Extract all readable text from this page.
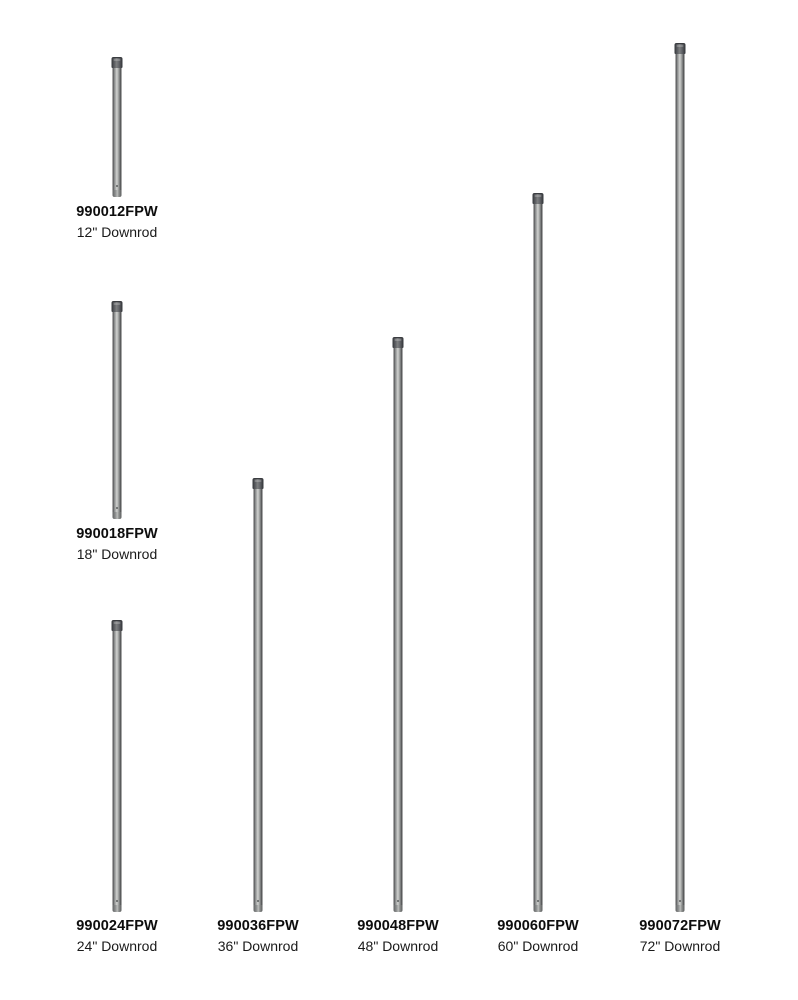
990012FPW
12" Downrod
990018FPW
18" Downrod
990024FPW
24" Downrod
990036FPW
36" Downrod
990048FPW
48" Downrod
990060FPW
60" Downrod
990072FPW
72" Downrod
